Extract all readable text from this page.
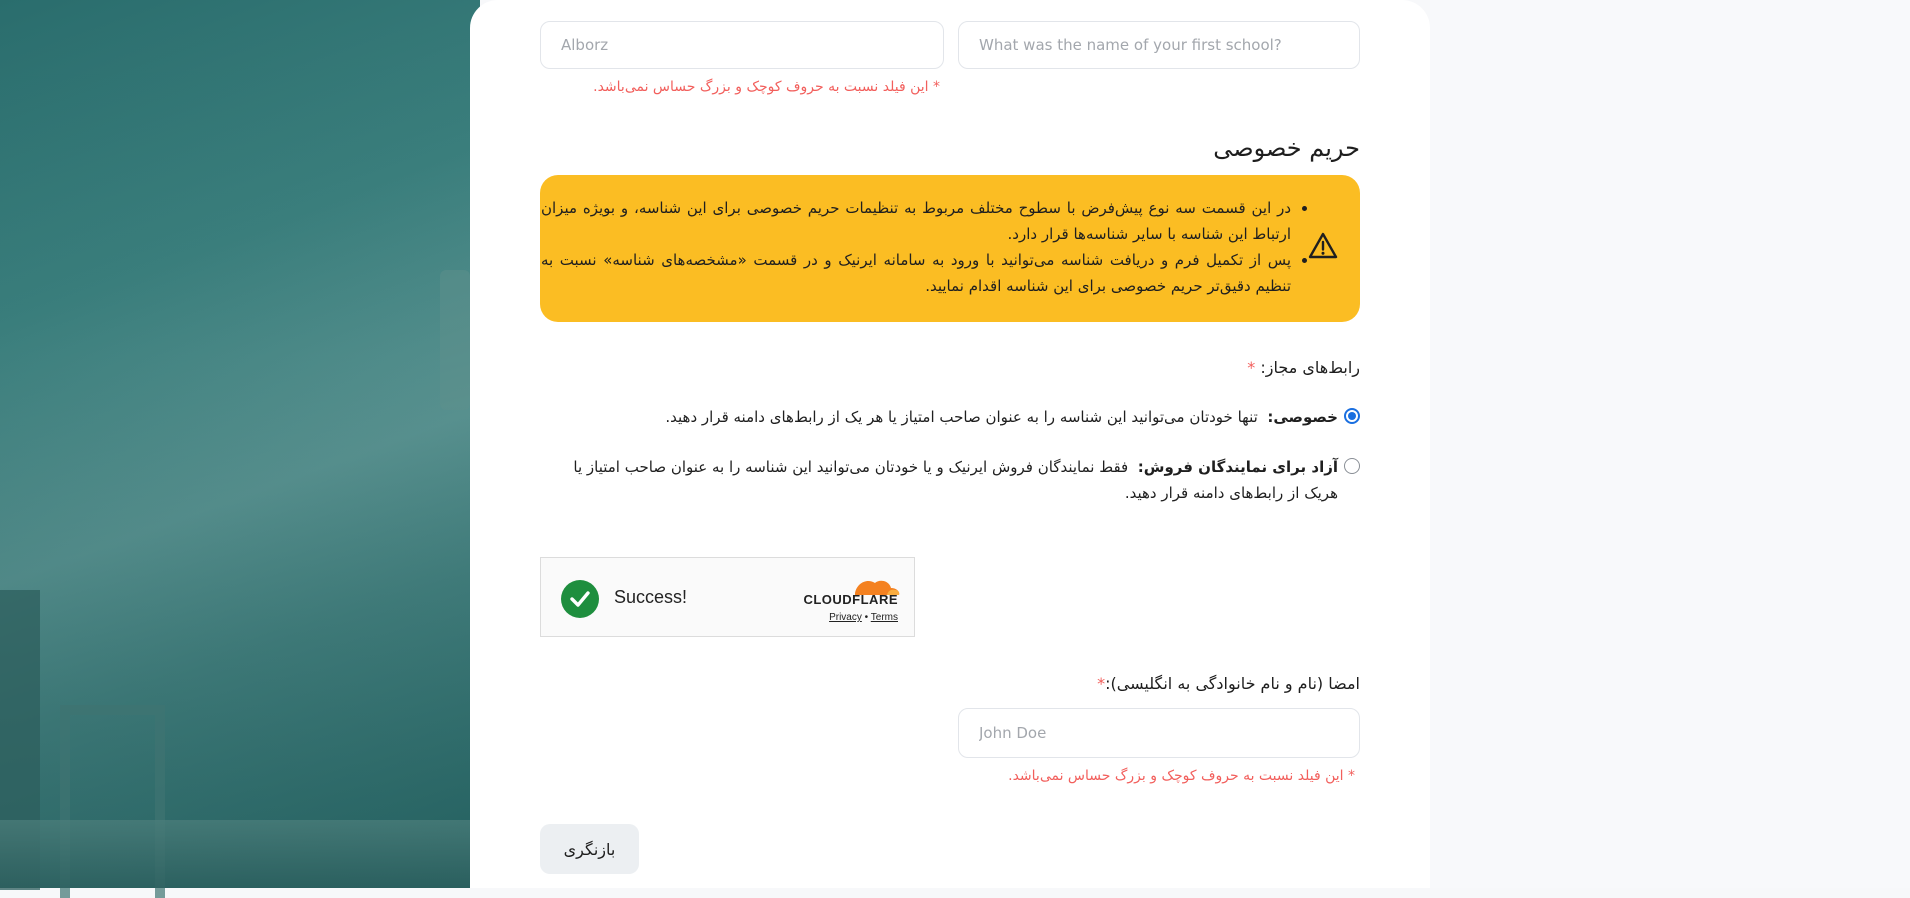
Alborz
What was the name of your first school?
* این فیلد نسبت به حروف کوچک و بزرگ حساس نمی‌باشد.
حریم خصوصی
• در این قسمت سه نوع پیش‌فرض با سطوح مختلف مربوط به تنظیمات حریم خصوصی برای این شناسه، و بویژه میزان ارتباط این شناسه با سایر شناسه‌ها قرار دارد.
• پس از تکمیل فرم و دریافت شناسه می‌توانید با ورود به سامانه ایرنیک و در قسمت «مشخصه‌های شناسه» نسبت به تنظیم دقیق‌تر حریم خصوصی برای این شناسه اقدام نمایید.
رابط‌های مجاز: *
خصوصی:  تنها خودتان می‌توانید این شناسه را به عنوان صاحب امتیاز یا هر یک از رابط‌های دامنه قرار دهید.
آزاد برای نمایندگان فروش:  فقط نمایندگان فروش ایرنیک و یا خودتان می‌توانید این شناسه را به عنوان صاحب امتیاز یا هریک از رابط‌های دامنه قرار دهید.
Success!	CLOUDFLARE
Privacy • Terms
امضا (نام و نام خانوادگی به انگلیسی):*
John Doe
* این فیلد نسبت به حروف کوچک و بزرگ حساس نمی‌باشد.
بازنگری
